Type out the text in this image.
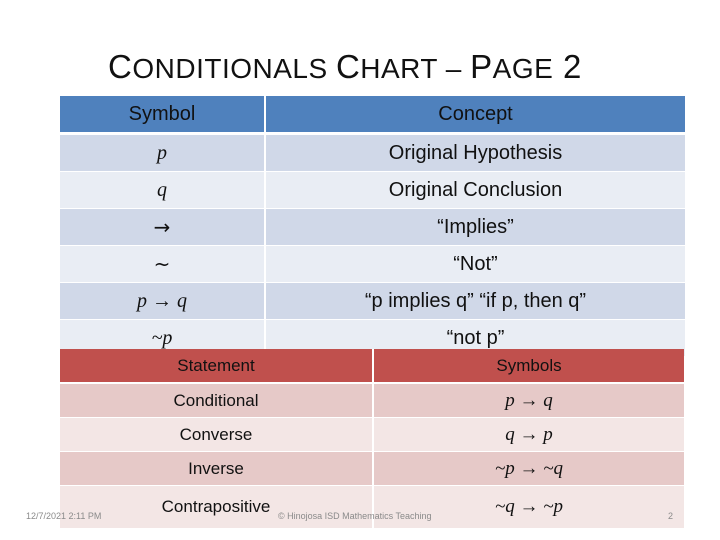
CONDITIONALS CHART – PAGE 2
Symbol	Concept
p	Original Hypothesis
q	Original Conclusion
→	“Implies”
~	“Not”
p → q	“p implies q” “if p, then q”
~p	“not p”
Statement	Symbols
Conditional	p → q
Converse	q → p
Inverse	~p → ~q
Contrapositive	~q → ~p
12/7/2021 2:11 PM	© Hinojosa ISD Mathematics Teaching	2
